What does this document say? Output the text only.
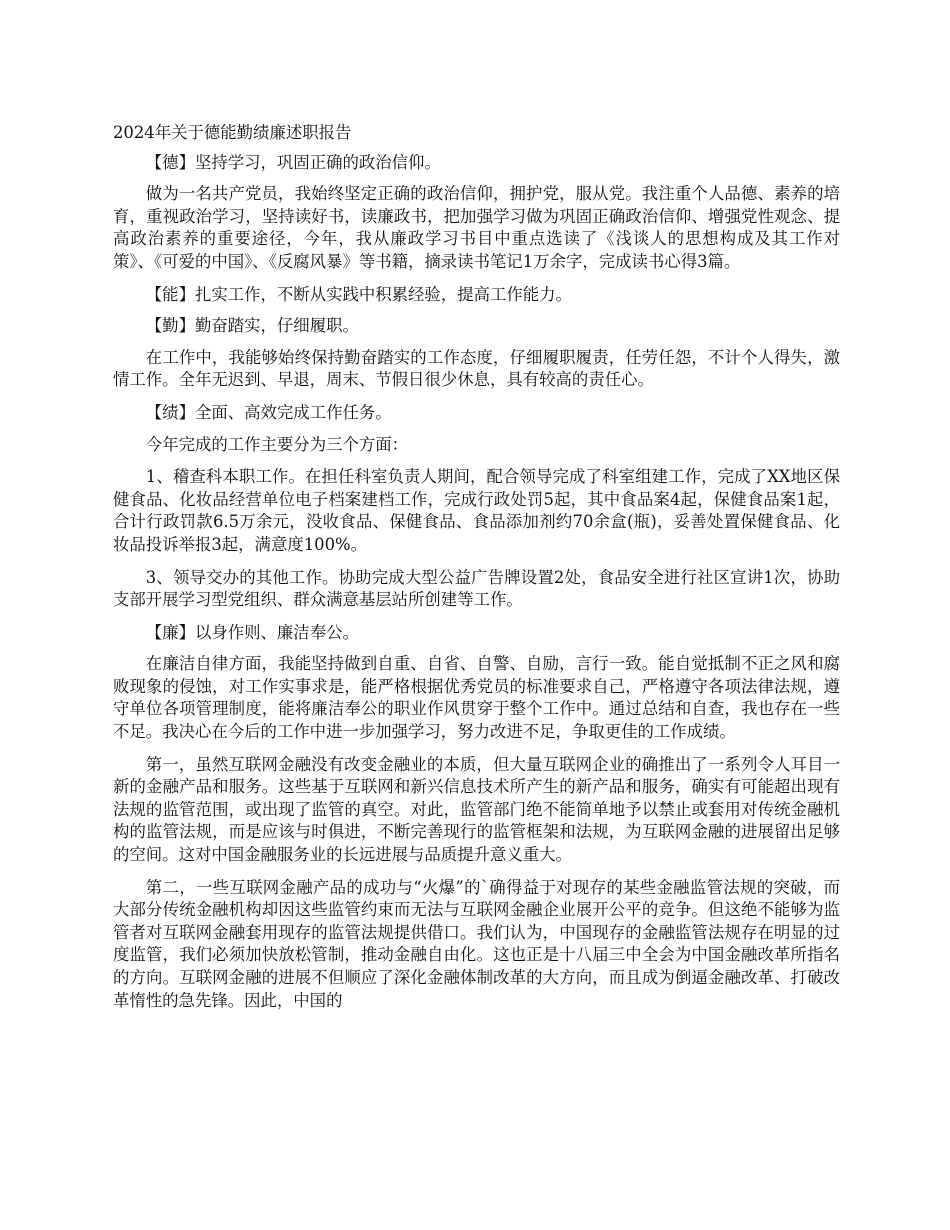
2024年关于德能勤绩廉述职报告

【德】坚持学习，巩固正确的政治信仰。

做为一名共产党员，我始终坚定正确的政治信仰，拥护党，服从党。我注重个人品德、素养的培育，重视政治学习，坚持读好书，读廉政书，把加强学习做为巩固正确政治信仰、增强党性观念、提高政治素养的重要途径，今年，我从廉政学习书目中重点选读了《浅谈人的思想构成及其工作对策》、《可爱的中国》、《反腐风暴》等书籍，摘录读书笔记1万余字，完成读书心得3篇。

【能】扎实工作，不断从实践中积累经验，提高工作能力。

【勤】勤奋踏实，仔细履职。

在工作中，我能够始终保持勤奋踏实的工作态度，仔细履职履责，任劳任怨，不计个人得失，激情工作。全年无迟到、早退，周末、节假日很少休息，具有较高的责任心。

【绩】全面、高效完成工作任务。

今年完成的工作主要分为三个方面：

1、稽查科本职工作。在担任科室负责人期间，配合领导完成了科室组建工作，完成了XX地区保健食品、化妆品经营单位电子档案建档工作，完成行政处罚5起，其中食品案4起，保健食品案1起，合计行政罚款6.5万余元，没收食品、保健食品、食品添加剂约70余盒(瓶)，妥善处置保健食品、化妆品投诉举报3起，满意度100%。

3、领导交办的其他工作。协助完成大型公益广告牌设置2处，食品安全进行社区宣讲1次，协助支部开展学习型党组织、群众满意基层站所创建等工作。

【廉】以身作则、廉洁奉公。

在廉洁自律方面，我能坚持做到自重、自省、自警、自励，言行一致。能自觉抵制不正之风和腐败现象的侵蚀，对工作实事求是，能严格根据优秀党员的标准要求自己，严格遵守各项法律法规，遵守单位各项管理制度，能将廉洁奉公的职业作风贯穿于整个工作中。通过总结和自查，我也存在一些不足。我决心在今后的工作中进一步加强学习，努力改进不足，争取更佳的工作成绩。

第一，虽然互联网金融没有改变金融业的本质，但大量互联网企业的确推出了一系列令人耳目一新的金融产品和服务。这些基于互联网和新兴信息技术所产生的新产品和服务，确实有可能超出现有法规的监管范围，或出现了监管的真空。对此，监管部门绝不能简单地予以禁止或套用对传统金融机构的监管法规，而是应该与时俱进，不断完善现行的监管框架和法规，为互联网金融的进展留出足够的空间。这对中国金融服务业的长远进展与品质提升意义重大。

第二，一些互联网金融产品的成功与“火爆”的`确得益于对现存的某些金融监管法规的突破，而大部分传统金融机构却因这些监管约束而无法与互联网金融企业展开公平的竞争。但这绝不能够为监管者对互联网金融套用现存的监管法规提供借口。我们认为，中国现存的金融监管法规存在明显的过度监管，我们必须加快放松管制，推动金融自由化。这也正是十八届三中全会为中国金融改革所指名的方向。互联网金融的进展不但顺应了深化金融体制改革的大方向，而且成为倒逼金融改革、打破改革惰性的急先锋。因此，中国的
